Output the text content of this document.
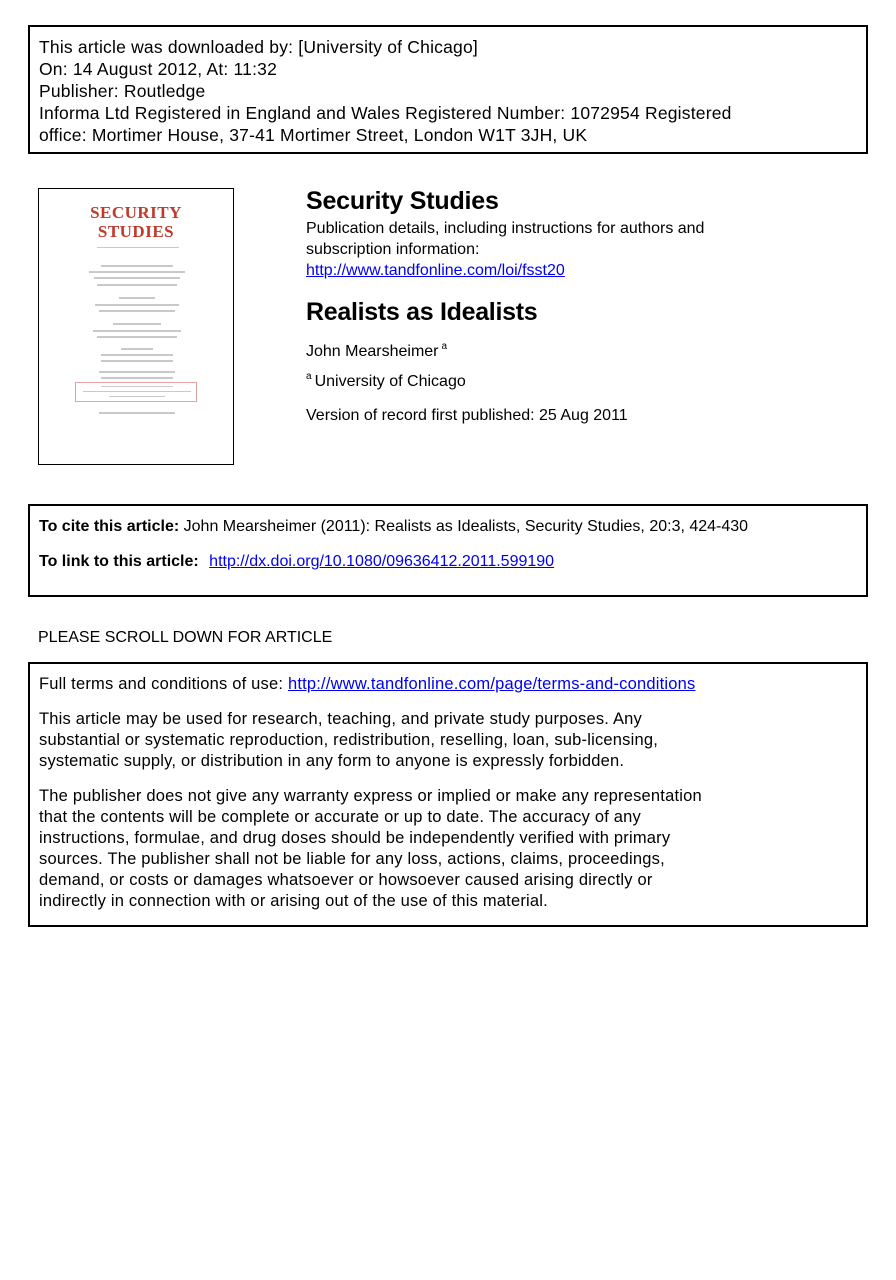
This article was downloaded by: [University of Chicago]
On: 14 August 2012, At: 11:32
Publisher: Routledge
Informa Ltd Registered in England and Wales Registered Number: 1072954 Registered
office: Mortimer House, 37-41 Mortimer Street, London W1T 3JH, UK
SECURITY
STUDIES
Security Studies
Publication details, including instructions for authors and
subscription information:
http://www.tandfonline.com/loi/fsst20
Realists as Idealists
John Mearsheimer $^a$
$^a$ University of Chicago
Version of record first published: 25 Aug 2011
To cite this article: John Mearsheimer (2011): Realists as Idealists, Security Studies, 20:3, 424-430
To link to this article: http://dx.doi.org/10.1080/09636412.2011.599190
PLEASE SCROLL DOWN FOR ARTICLE
Full terms and conditions of use: http://www.tandfonline.com/page/terms-and-conditions
This article may be used for research, teaching, and private study purposes. Any
substantial or systematic reproduction, redistribution, reselling, loan, sub-licensing,
systematic supply, or distribution in any form to anyone is expressly forbidden.
The publisher does not give any warranty express or implied or make any representation
that the contents will be complete or accurate or up to date. The accuracy of any
instructions, formulae, and drug doses should be independently verified with primary
sources. The publisher shall not be liable for any loss, actions, claims, proceedings,
demand, or costs or damages whatsoever or howsoever caused arising directly or
indirectly in connection with or arising out of the use of this material.
